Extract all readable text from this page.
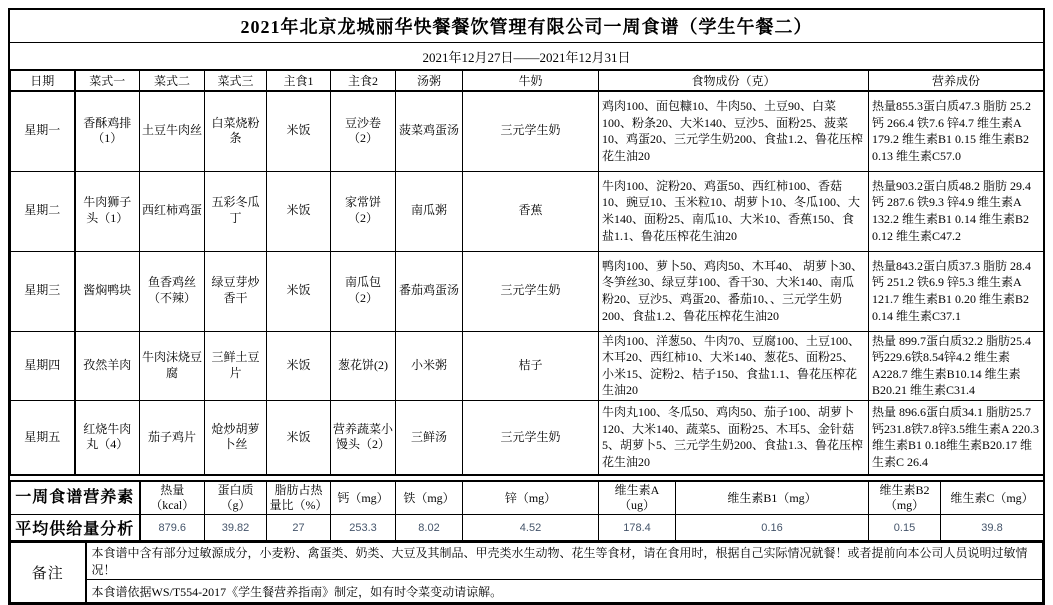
2021年北京龙城丽华快餐餐饮管理有限公司一周食谱（学生午餐二）
2021年12月27日——2021年12月31日
日期	菜式一	菜式二	菜式三	主食1	主食2	汤粥	牛奶	食物成份（克）	营养成份
星期一	香酥鸡排（1）	土豆牛肉丝	白菜烧粉条	米饭	豆沙卷（2）	菠菜鸡蛋汤	三元学生奶	鸡肉100、面包糠10、牛肉50、土豆90、白菜100、粉条20、大米140、豆沙5、面粉25、菠菜10、鸡蛋20、三元学生奶200、食盐1.2、鲁花压榨花生油20	热量855.3蛋白质47.3 脂肪 25.2 钙 266.4 铁7.6 锌4.7 维生素A 179.2 维生素B1 0.15 维生素B2 0.13 维生素C57.0
星期二	牛肉狮子头（1）	西红柿鸡蛋	五彩冬瓜丁	米饭	家常饼（2）	南瓜粥	香蕉	牛肉100、淀粉20、鸡蛋50、西红柿100、香菇10、豌豆10、玉米粒10、胡萝卜10、冬瓜100、大米140、面粉25、南瓜10、大米10、香蕉150、食盐1.1、鲁花压榨花生油20	热量903.2蛋白质48.2 脂肪 29.4 钙 287.6 铁9.3 锌4.9 维生素A 132.2 维生素B1 0.14 维生素B2 0.12 维生素C47.2
星期三	酱焖鸭块	鱼香鸡丝（不辣）	绿豆芽炒香干	米饭	南瓜包（2）	番茄鸡蛋汤	三元学生奶	鸭肉100、萝卜50、鸡肉50、木耳40、 胡萝卜30、冬笋丝30、绿豆芽100、香干30、大米140、南瓜粉20、豆沙5、鸡蛋20、番茄10、、三元学生奶200、食盐1.2、鲁花压榨花生油20	热量843.2蛋白质37.3 脂肪 28.4 钙 251.2 铁6.9 锌5.3 维生素A 121.7 维生素B1 0.20 维生素B2 0.14 维生素C37.1
星期四	孜然羊肉	牛肉沫烧豆腐	三鲜土豆片	米饭	葱花饼(2)	小米粥	桔子	羊肉100、洋葱50、牛肉70、豆腐100、土豆100、木耳20、西红柿10、大米140、葱花5、面粉25、小米15、淀粉2、桔子150、食盐1.1、鲁花压榨花生油20	热量 899.7蛋白质32.2 脂肪25.4 钙229.6铁8.54锌4.2 维生素A228.7 维生素B10.14 维生素B20.21 维生素C31.4
星期五	红烧牛肉丸（4）	茄子鸡片	炝炒胡萝卜丝	米饭	营养蔬菜小馒头（2）	三鲜汤	三元学生奶	牛肉丸100、冬瓜50、鸡肉50、茄子100、胡萝卜120、大米140、蔬菜5、面粉25、木耳5、金针菇5、胡萝卜5、三元学生奶200、食盐1.3、鲁花压榨花生油20	热量 896.6蛋白质34.1 脂肪25.7 钙231.8铁7.8锌3.5维生素A 220.3维生素B1 0.18维生素B20.17 维生素C 26.4
一周食谱营养素	热量（kcal）	蛋白质（g）	脂肪占热量比（%）	钙（mg）	铁（mg）	锌（mg）	维生素A（ug）	维生素B1（mg）	维生素B2（mg）	维生素C（mg）
平均供给量分析	879.6	39.82	27	253.3	8.02	4.52	178.4	0.16	0.15	39.8
备注	本食谱中含有部分过敏源成分，小麦粉、禽蛋类、奶类、大豆及其制品、甲壳类水生动物、花生等食材，请在食用时，根据自己实际情况就餐！或者提前向本公司人员说明过敏情况！
本食谱依据WS/T554-2017《学生餐营养指南》制定，如有时令菜变动请谅解。
